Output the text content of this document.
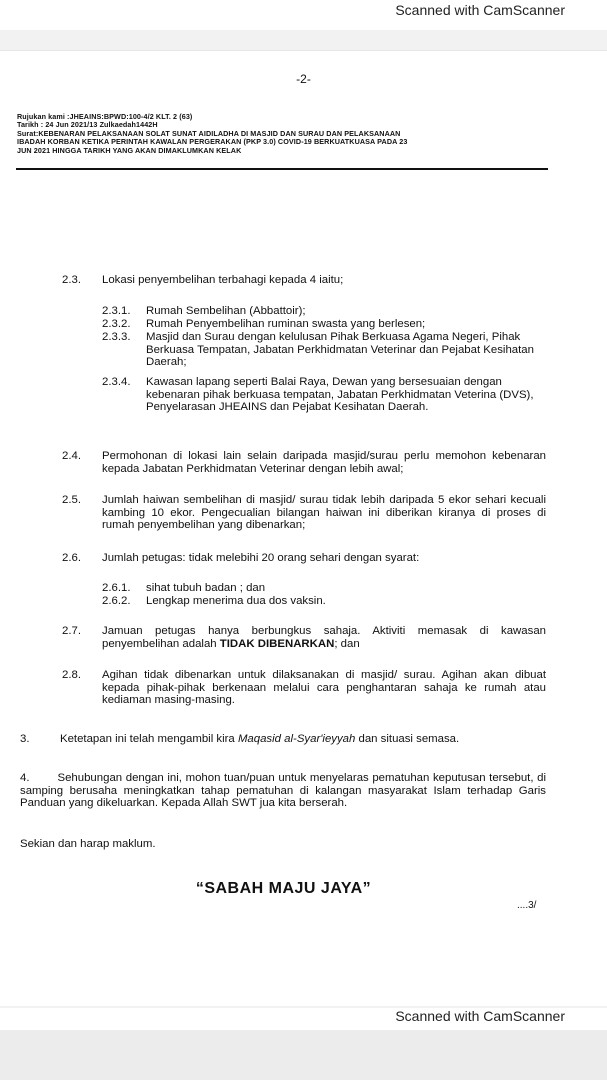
Scanned with CamScanner
-2-
Rujukan kami :JHEAINS:BPWD:100-4/2 KLT. 2 (63)
Tarikh : 24 Jun 2021/13 Zulkaedah1442H
Surat:KEBENARAN PELAKSANAAN SOLAT SUNAT AIDILADHA DI MASJID DAN SURAU DAN PELAKSANAAN
IBADAH KORBAN KETIKA PERINTAH KAWALAN PERGERAKAN (PKP 3.0) COVID-19 BERKUATKUASA PADA 23
JUN 2021 HINGGA TARIKH YANG AKAN DIMAKLUMKAN KELAK
2.3. Lokasi penyembelihan terbahagi kepada 4 iaitu;
2.3.1. Rumah Sembelihan (Abbattoir);
2.3.2. Rumah Penyembelihan ruminan swasta yang berlesen;
2.3.3. Masjid dan Surau dengan kelulusan Pihak Berkuasa Agama Negeri, Pihak Berkuasa Tempatan, Jabatan Perkhidmatan Veterinar dan Pejabat Kesihatan Daerah;
2.3.4. Kawasan lapang seperti Balai Raya, Dewan yang bersesuaian dengan kebenaran pihak berkuasa tempatan, Jabatan Perkhidmatan Veterina (DVS), Penyelarasan JHEAINS dan Pejabat Kesihatan Daerah.
2.4. Permohonan di lokasi lain selain daripada masjid/surau perlu memohon kebenaran kepada Jabatan Perkhidmatan Veterinar dengan lebih awal;
2.5. Jumlah haiwan sembelihan di masjid/ surau tidak lebih daripada 5 ekor sehari kecuali kambing 10 ekor. Pengecualian bilangan haiwan ini diberikan kiranya di proses di rumah penyembelihan yang dibenarkan;
2.6. Jumlah petugas: tidak melebihi 20 orang sehari dengan syarat:
2.6.1. sihat tubuh badan ; dan
2.6.2. Lengkap menerima dua dos vaksin.
2.7. Jamuan petugas hanya berbungkus sahaja. Aktiviti memasak di kawasan penyembelihan adalah TIDAK DIBENARKAN; dan
2.8. Agihan tidak dibenarkan untuk dilaksanakan di masjid/ surau. Agihan akan dibuat kepada pihak-pihak berkenaan melalui cara penghantaran sahaja ke rumah atau kediaman masing-masing.
3.	Ketetapan ini telah mengambil kira Maqasid al-Syar'ieyyah dan situasi semasa.
4. Sehubungan dengan ini, mohon tuan/puan untuk menyelaras pematuhan keputusan tersebut, di samping berusaha meningkatkan tahap pematuhan di kalangan masyarakat Islam terhadap Garis Panduan yang dikeluarkan. Kepada Allah SWT jua kita berserah.
Sekian dan harap maklum.
“SABAH MAJU JAYA”
....3/
Scanned with CamScanner
